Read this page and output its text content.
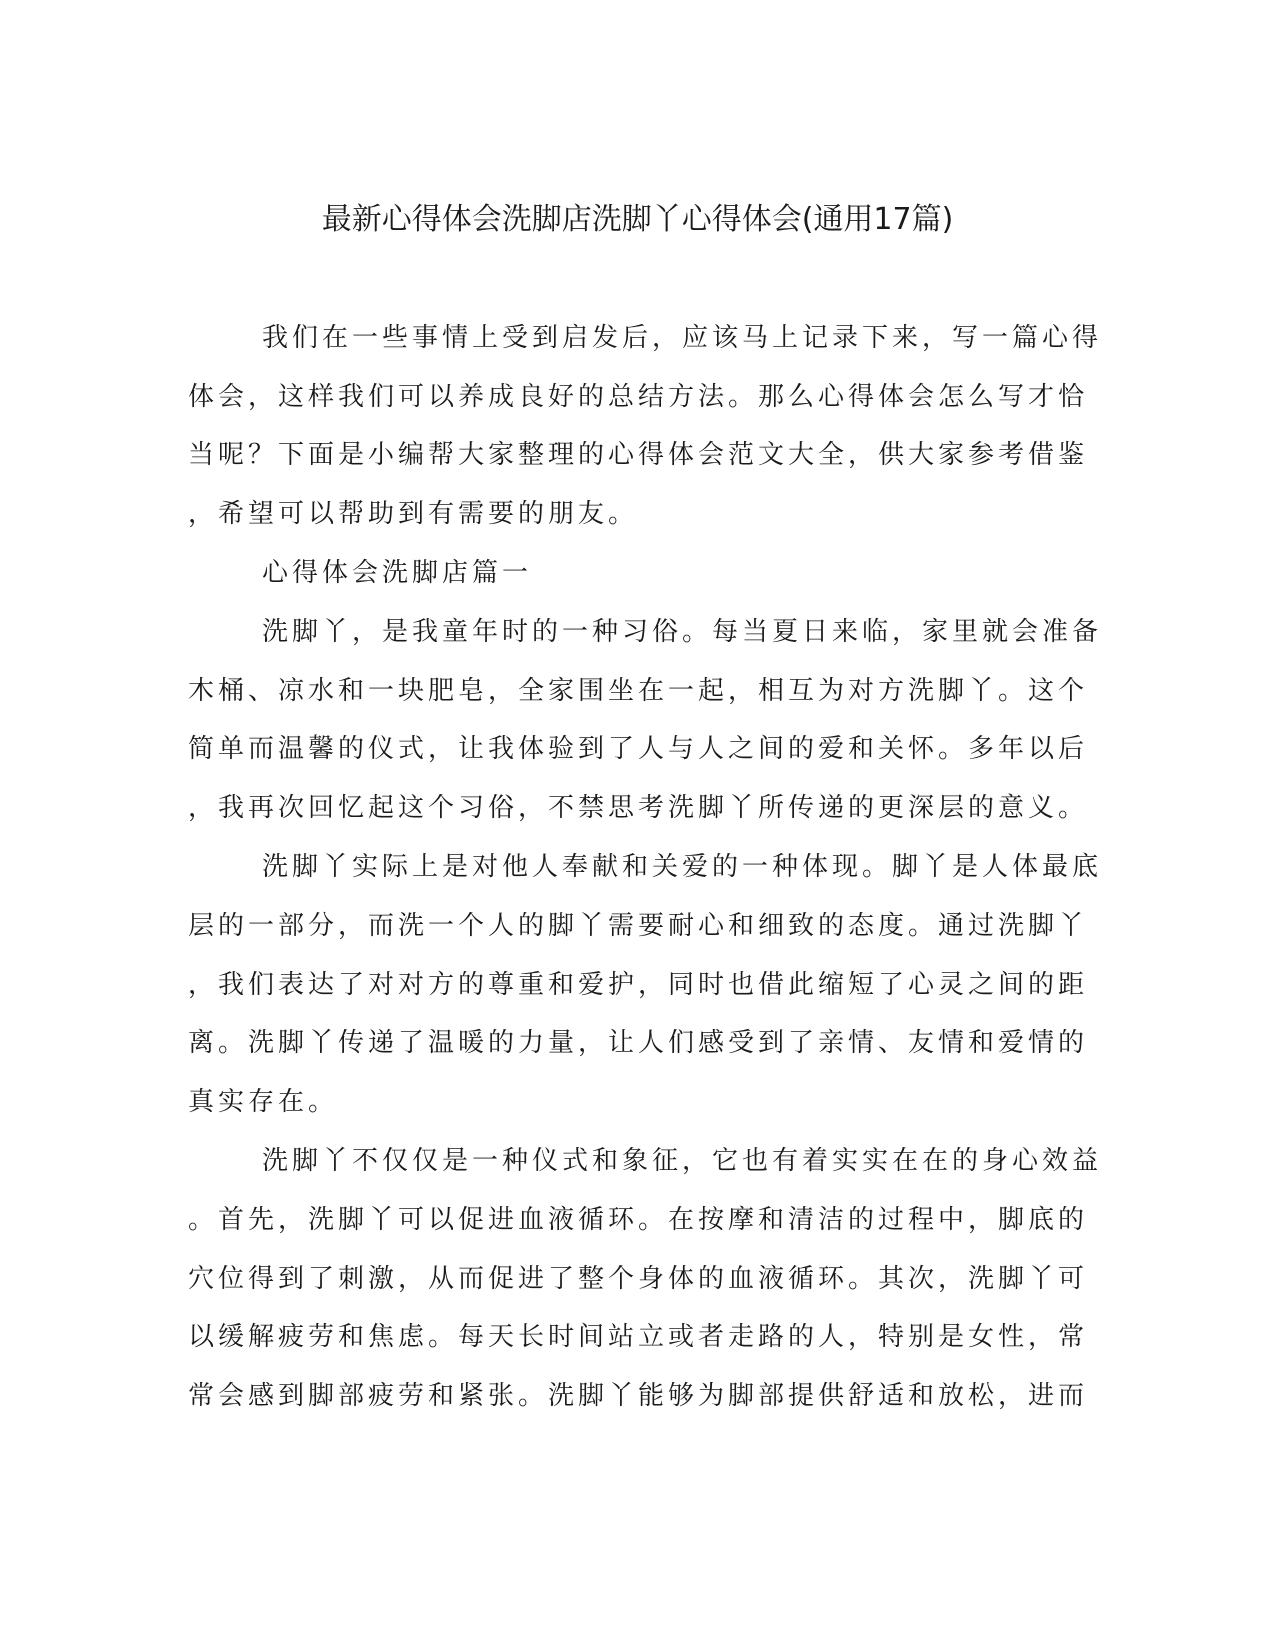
最新心得体会洗脚店洗脚丫心得体会(通用17篇)
我们在一些事情上受到启发后，应该马上记录下来，写一篇心得
体会，这样我们可以养成良好的总结方法。那么心得体会怎么写才恰
当呢？下面是小编帮大家整理的心得体会范文大全，供大家参考借鉴
，希望可以帮助到有需要的朋友。
心得体会洗脚店篇一
洗脚丫，是我童年时的一种习俗。每当夏日来临，家里就会准备
木桶、凉水和一块肥皂，全家围坐在一起，相互为对方洗脚丫。这个
简单而温馨的仪式，让我体验到了人与人之间的爱和关怀。多年以后
，我再次回忆起这个习俗，不禁思考洗脚丫所传递的更深层的意义。
洗脚丫实际上是对他人奉献和关爱的一种体现。脚丫是人体最底
层的一部分，而洗一个人的脚丫需要耐心和细致的态度。通过洗脚丫
，我们表达了对对方的尊重和爱护，同时也借此缩短了心灵之间的距
离。洗脚丫传递了温暖的力量，让人们感受到了亲情、友情和爱情的
真实存在。
洗脚丫不仅仅是一种仪式和象征，它也有着实实在在的身心效益
。首先，洗脚丫可以促进血液循环。在按摩和清洁的过程中，脚底的
穴位得到了刺激，从而促进了整个身体的血液循环。其次，洗脚丫可
以缓解疲劳和焦虑。每天长时间站立或者走路的人，特别是女性，常
常会感到脚部疲劳和紧张。洗脚丫能够为脚部提供舒适和放松，进而
